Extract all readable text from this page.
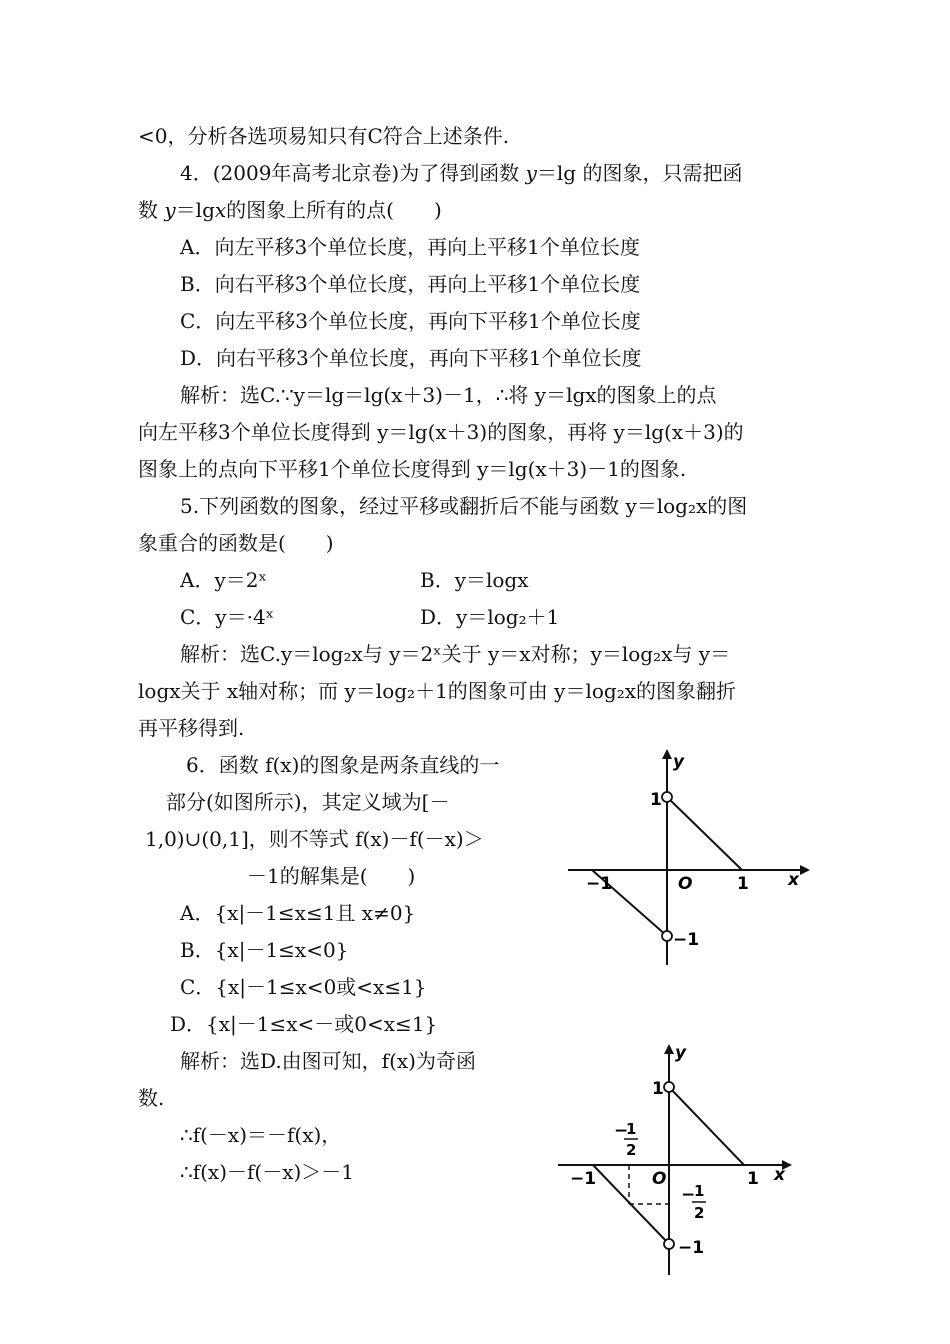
<0，分析各选项易知只有C符合上述条件.
4．(2009年高考北京卷)为了得到函数 y＝lg 的图象，只需把函
数 y＝lgx的图象上所有的点(　　)
A．向左平移3个单位长度，再向上平移1个单位长度
B．向右平移3个单位长度，再向上平移1个单位长度
C．向左平移3个单位长度，再向下平移1个单位长度
D．向右平移3个单位长度，再向下平移1个单位长度
解析：选C.∵y＝lg＝lg(x＋3)－1，∴将 y＝lgx的图象上的点
向左平移3个单位长度得到 y＝lg(x＋3)的图象，再将 y＝lg(x＋3)的
图象上的点向下平移1个单位长度得到 y＝lg(x＋3)－1的图象.
5.下列函数的图象，经过平移或翻折后不能与函数 y＝log₂x的图
象重合的函数是(　　)
A．y＝2ˣ	B．y＝logx
C．y＝·4ˣ	D．y＝log₂＋1
解析：选C.y＝log₂x与 y＝2ˣ关于 y＝x对称；y＝log₂x与 y＝
logx关于 x轴对称；而 y＝log₂＋1的图象可由 y＝log₂x的图象翻折
再平移得到.
6．函数 f(x)的图象是两条直线的一
部分(如图所示)，其定义域为[－
1,0)∪(0,1]，则不等式 f(x)－f(－x)＞
－1的解集是(　　)
A．{x|－1≤x≤1且 x≠0}
B．{x|－1≤x<0}
C．{x|－1≤x<0或<x≤1}
D．{x|－1≤x<－或0<x≤1}
解析：选D.由图可知，f(x)为奇函
数.
∴f(－x)＝－f(x)，
∴f(x)－f(－x)＞－1
y
x
O
1
−1
1
−1
y
x
O
1
−1
1
−1
−
1
2
−
1
2
